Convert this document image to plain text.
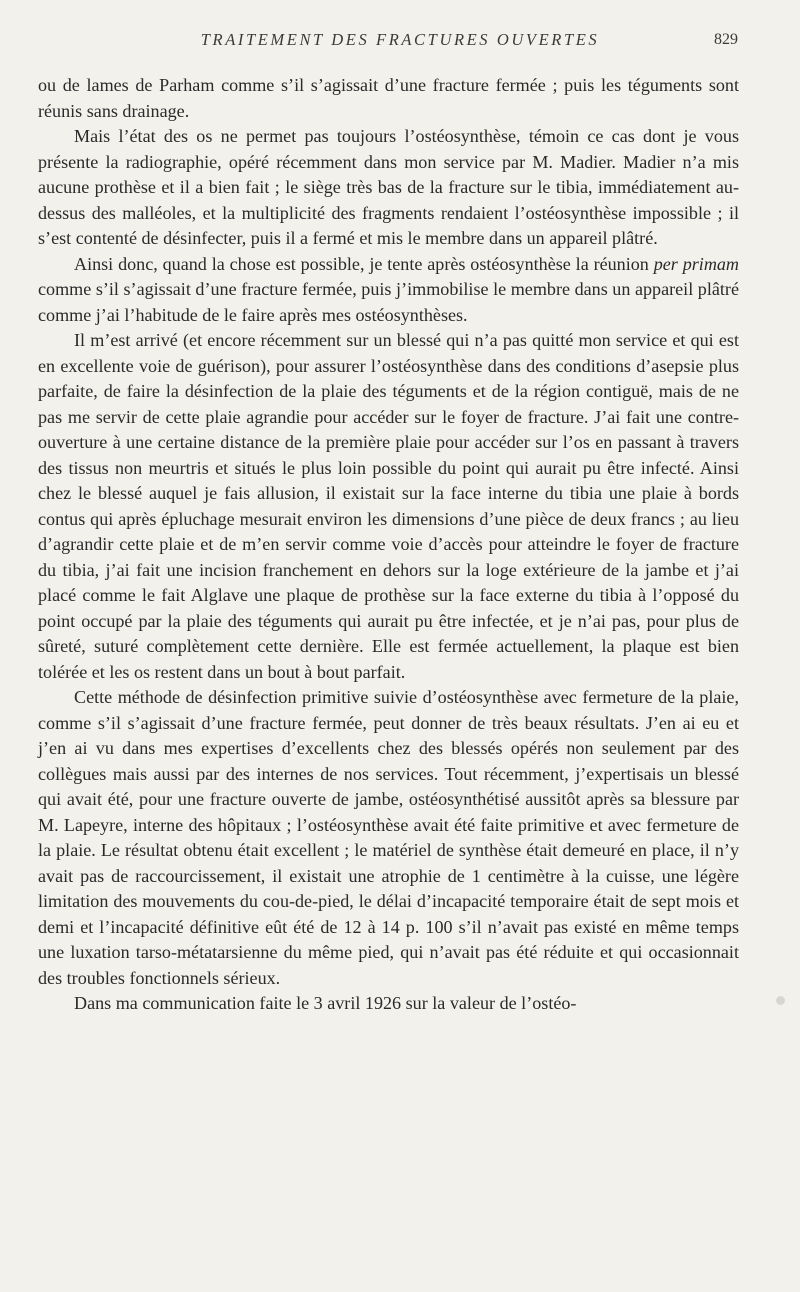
TRAITEMENT DES FRACTURES OUVERTES	829

ou de lames de Parham comme s’il s’agissait d’une fracture fermée ; puis les téguments sont réunis sans drainage.

Mais l’état des os ne permet pas toujours l’ostéosynthèse, témoin ce cas dont je vous présente la radiographie, opéré récemment dans mon service par M. Madier. Madier n’a mis aucune prothèse et il a bien fait ; le siège très bas de la fracture sur le tibia, immédiatement au-dessus des malléoles, et la multiplicité des fragments rendaient l’ostéosynthèse impossible ; il s’est contenté de désinfecter, puis il a fermé et mis le membre dans un appareil plâtré.

Ainsi donc, quand la chose est possible, je tente après ostéosynthèse la réunion per primam comme s’il s’agissait d’une fracture fermée, puis j’immobilise le membre dans un appareil plâtré comme j’ai l’habitude de le faire après mes ostéosynthèses.

Il m’est arrivé (et encore récemment sur un blessé qui n’a pas quitté mon service et qui est en excellente voie de guérison), pour assurer l’ostéosynthèse dans des conditions d’asepsie plus parfaite, de faire la désinfection de la plaie des téguments et de la région contiguë, mais de ne pas me servir de cette plaie agrandie pour accéder sur le foyer de fracture. J’ai fait une contre-ouverture à une certaine distance de la première plaie pour accéder sur l’os en passant à travers des tissus non meurtris et situés le plus loin possible du point qui aurait pu être infecté. Ainsi chez le blessé auquel je fais allusion, il existait sur la face interne du tibia une plaie à bords contus qui après épluchage mesurait environ les dimensions d’une pièce de deux francs ; au lieu d’agrandir cette plaie et de m’en servir comme voie d’accès pour atteindre le foyer de fracture du tibia, j’ai fait une incision franchement en dehors sur la loge extérieure de la jambe et j’ai placé comme le fait Alglave une plaque de prothèse sur la face externe du tibia à l’opposé du point occupé par la plaie des téguments qui aurait pu être infectée, et je n’ai pas, pour plus de sûreté, suturé complètement cette dernière. Elle est fermée actuellement, la plaque est bien tolérée et les os restent dans un bout à bout parfait.

Cette méthode de désinfection primitive suivie d’ostéosynthèse avec fermeture de la plaie, comme s’il s’agissait d’une fracture fermée, peut donner de très beaux résultats. J’en ai eu et j’en ai vu dans mes expertises d’excellents chez des blessés opérés non seulement par des collègues mais aussi par des internes de nos services. Tout récemment, j’expertisais un blessé qui avait été, pour une fracture ouverte de jambe, ostéosynthétisé aussitôt après sa blessure par M. Lapeyre, interne des hôpitaux ; l’ostéosynthèse avait été faite primitive et avec fermeture de la plaie. Le résultat obtenu était excellent ; le matériel de synthèse était demeuré en place, il n’y avait pas de raccourcissement, il existait une atrophie de 1 centimètre à la cuisse, une légère limitation des mouvements du cou-de-pied, le délai d’incapacité temporaire était de sept mois et demi et l’incapacité définitive eût été de 12 à 14 p. 100 s’il n’avait pas existé en même temps une luxation tarso-métatarsienne du même pied, qui n’avait pas été réduite et qui occasionnait des troubles fonctionnels sérieux.

Dans ma communication faite le 3 avril 1926 sur la valeur de l’ostéo-
